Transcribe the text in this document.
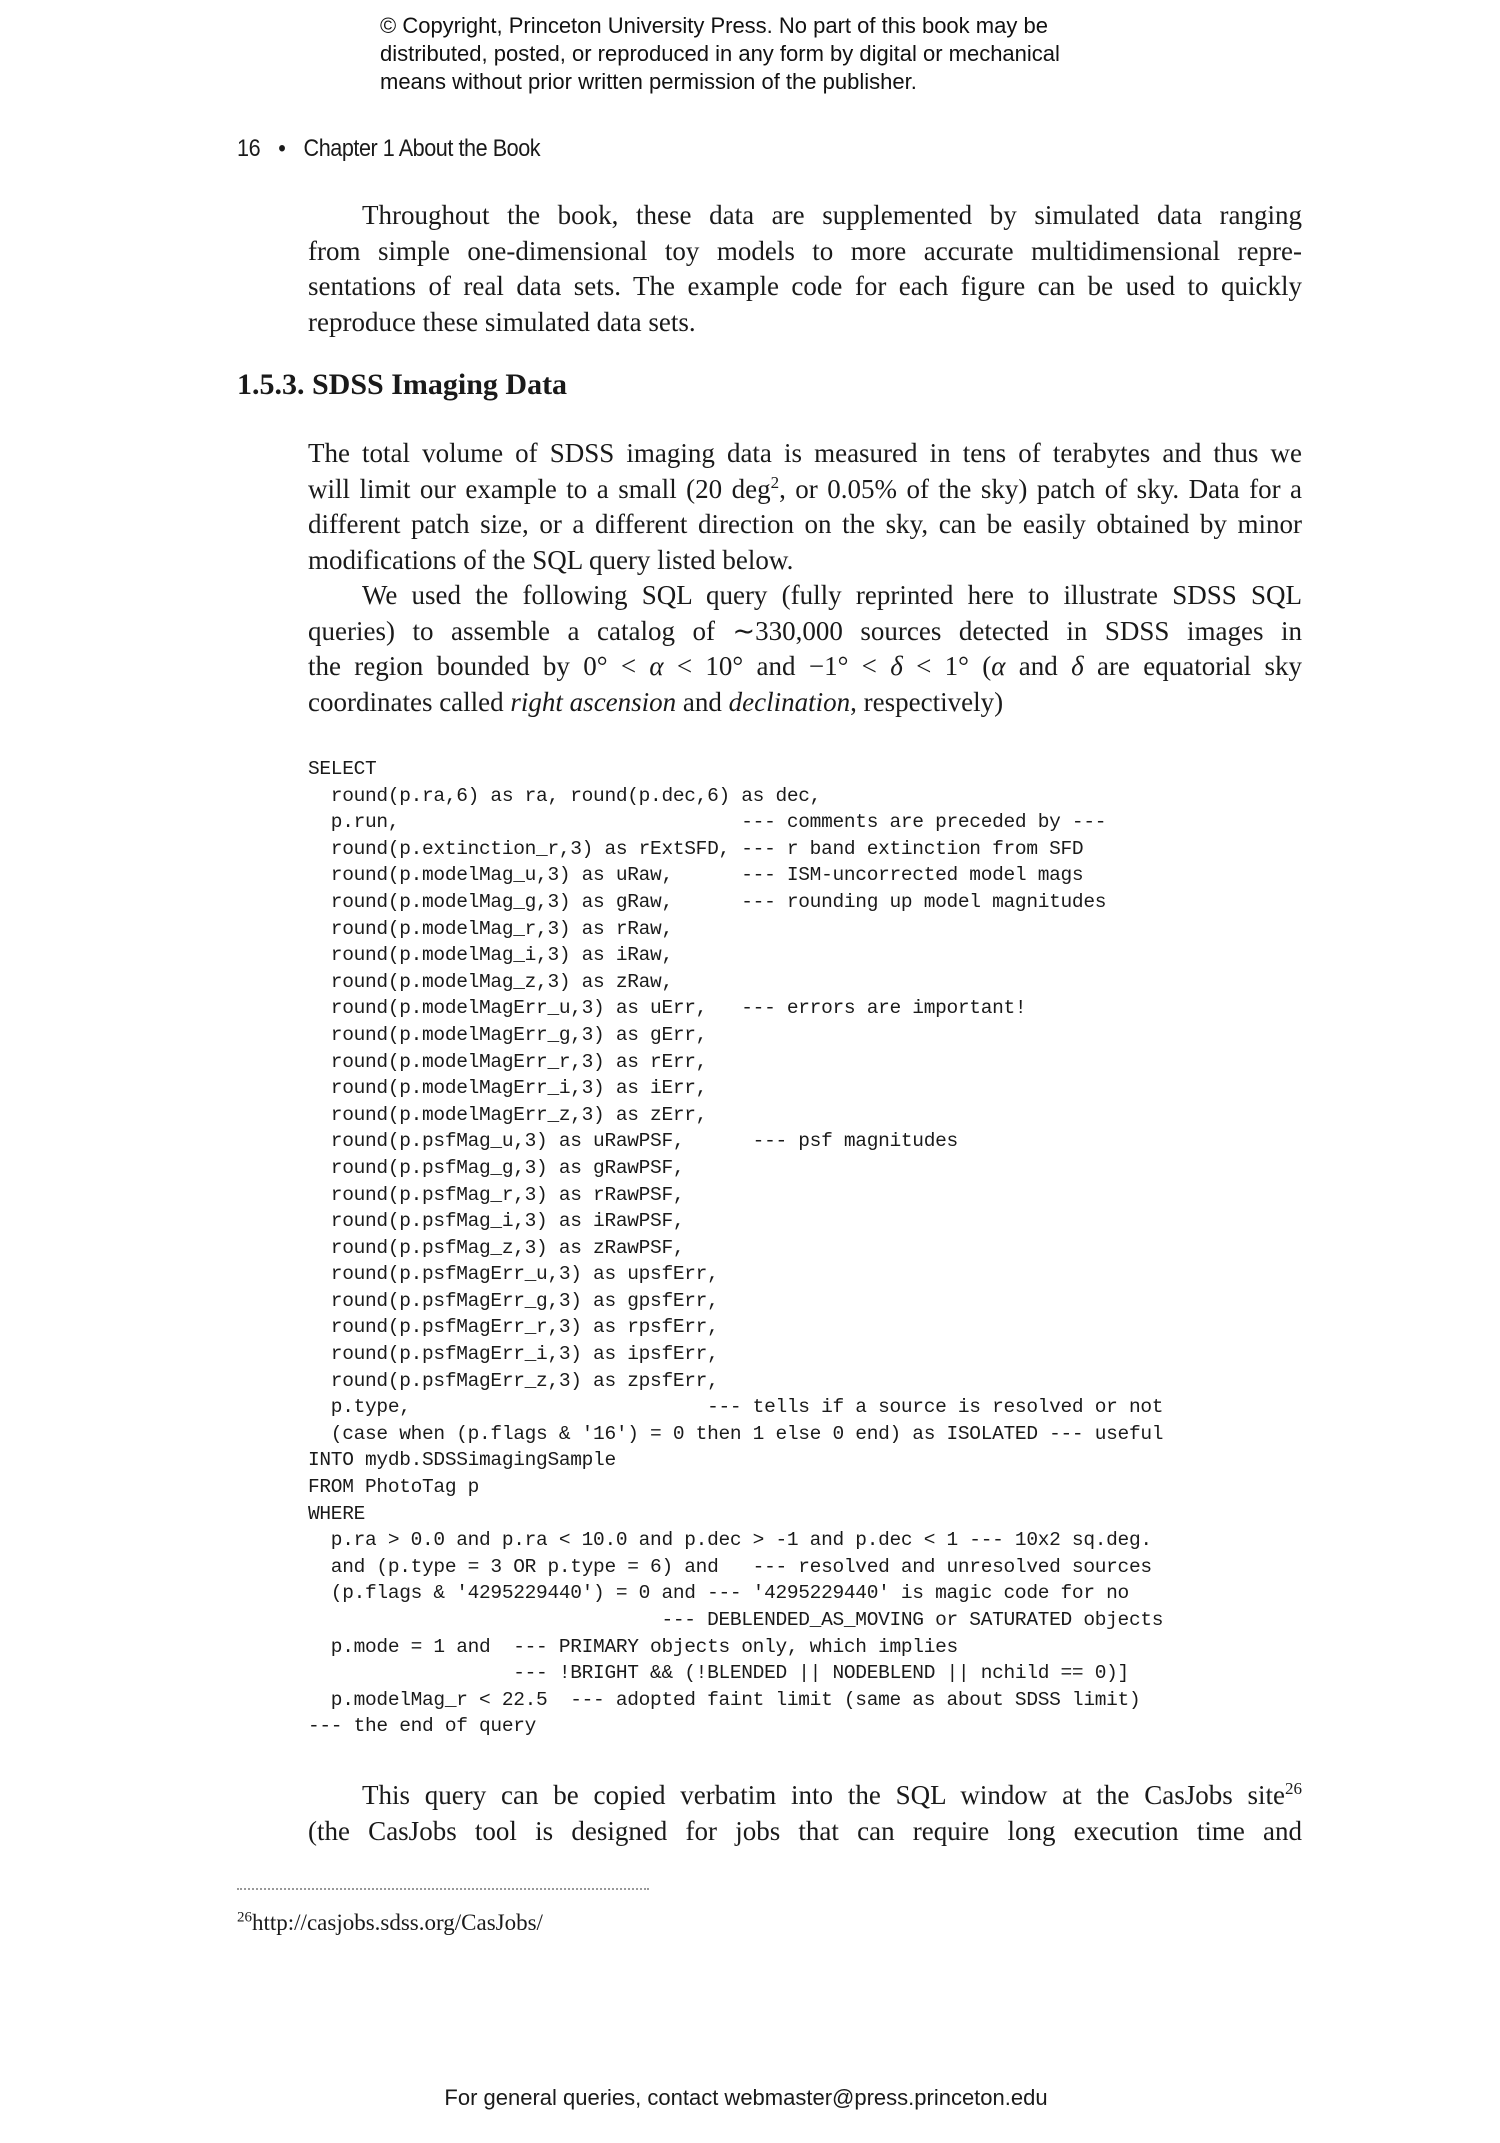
© Copyright, Princeton University Press. No part of this book may be
distributed, posted, or reproduced in any form by digital or mechanical
means without prior written permission of the publisher.
16 • Chapter 1 About the Book
Throughout the book, these data are supplemented by simulated data ranging
from simple one-dimensional toy models to more accurate multidimensional repre-
sentations of real data sets. The example code for each figure can be used to quickly
reproduce these simulated data sets.
1.5.3. SDSS Imaging Data
The total volume of SDSS imaging data is measured in tens of terabytes and thus we
will limit our example to a small (20 deg$^2$, or 0.05% of the sky) patch of sky. Data for a
different patch size, or a different direction on the sky, can be easily obtained by minor
modifications of the SQL query listed below.
We used the following SQL query (fully reprinted here to illustrate SDSS SQL
queries) to assemble a catalog of ∼330,000 sources detected in SDSS images in
the region bounded by 0° < α < 10° and −1° < δ < 1° (α and δ are equatorial sky
coordinates called right ascension and declination, respectively)
SELECT
round(p.ra,6) as ra, round(p.dec,6) as dec,
p.run,                              --- comments are preceded by ---
round(p.extinction_r,3) as rExtSFD, --- r band extinction from SFD
round(p.modelMag_u,3) as uRaw,      --- ISM-uncorrected model mags
round(p.modelMag_g,3) as gRaw,      --- rounding up model magnitudes
round(p.modelMag_r,3) as rRaw,
round(p.modelMag_i,3) as iRaw,
round(p.modelMag_z,3) as zRaw,
round(p.modelMagErr_u,3) as uErr,   --- errors are important!
round(p.modelMagErr_g,3) as gErr,
round(p.modelMagErr_r,3) as rErr,
round(p.modelMagErr_i,3) as iErr,
round(p.modelMagErr_z,3) as zErr,
round(p.psfMag_u,3) as uRawPSF,      --- psf magnitudes
round(p.psfMag_g,3) as gRawPSF,
round(p.psfMag_r,3) as rRawPSF,
round(p.psfMag_i,3) as iRawPSF,
round(p.psfMag_z,3) as zRawPSF,
round(p.psfMagErr_u,3) as upsfErr,
round(p.psfMagErr_g,3) as gpsfErr,
round(p.psfMagErr_r,3) as rpsfErr,
round(p.psfMagErr_i,3) as ipsfErr,
round(p.psfMagErr_z,3) as zpsfErr,
p.type,                          --- tells if a source is resolved or not
(case when (p.flags & '16') = 0 then 1 else 0 end) as ISOLATED --- useful
INTO mydb.SDSSimagingSample
FROM PhotoTag p
WHERE
p.ra > 0.0 and p.ra < 10.0 and p.dec > -1 and p.dec < 1 --- 10x2 sq.deg.
and (p.type = 3 OR p.type = 6) and   --- resolved and unresolved sources
(p.flags & '4295229440') = 0 and --- '4295229440' is magic code for no
--- DEBLENDED_AS_MOVING or SATURATED objects
p.mode = 1 and  --- PRIMARY objects only, which implies
--- !BRIGHT && (!BLENDED || NODEBLEND || nchild == 0)]
p.modelMag_r < 22.5  --- adopted faint limit (same as about SDSS limit)
--- the end of query
This query can be copied verbatim into the SQL window at the CasJobs site$^{26}$
(the CasJobs tool is designed for jobs that can require long execution time and
$^{26}$http://casjobs.sdss.org/CasJobs/
For general queries, contact webmaster@press.princeton.edu
